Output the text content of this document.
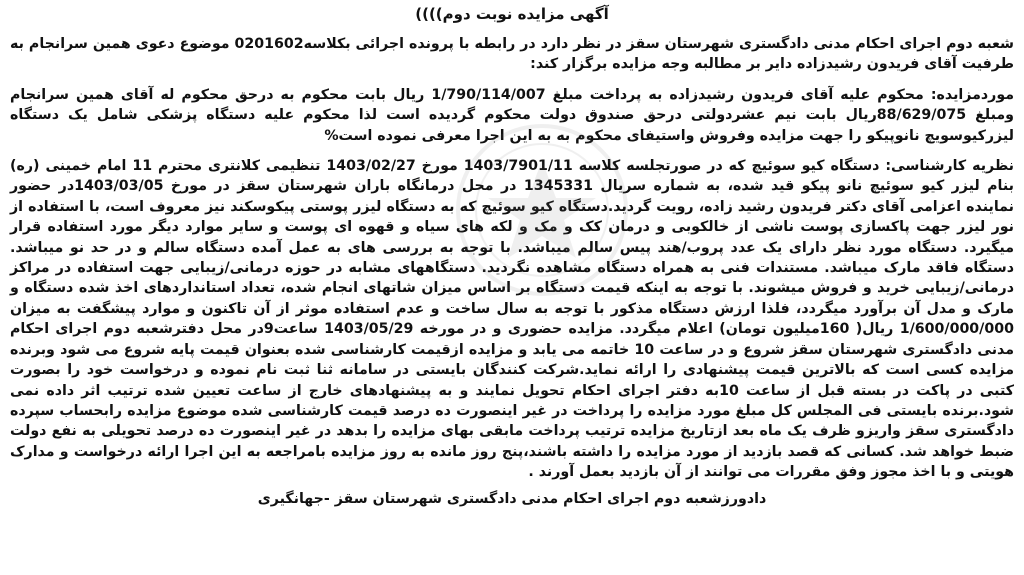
آگهی مزایده نوبت دوم))))

شعبه دوم اجرای احکام مدنی دادگستری شهرستان سقز در نظر دارد در رابطه با پرونده اجرائی بکلاسه0201602 موضوع دعوی همین سرانجام به طرفیت آقای فریدون رشیدزاده دایر بر مطالبه وجه مزایده برگزار کند:

موردمزایده: محکوم علیه آقای فریدون رشیدزاده به پرداخت مبلغ 1/790/114/007 ریال بابت محکوم به درحق محکوم له آقای همین سرانجام ومبلغ 88/629/075ریال بابت نیم عشردولتی درحق صندوق دولت محکوم گردیده است لذا محکوم علیه دستگاه پزشکی شامل یک دستگاه لیزرکیوسویچ نانوپیکو را جهت مزایده وفروش واستیفای محکوم به به این اجرا معرفی نموده است%

نظریه کارشناسی: دستگاه کیو سوئیچ که در صورتجلسه کلاسه 1403/7901/11 مورخ 1403/02/27 تنظیمی کلانتری محترم 11 امام خمینی (ره) بنام لیزر کیو سوئیچ نانو پیکو قید شده، به شماره سریال 1345331 در محل درمانگاه باران شهرستان سقز در مورخ 1403/03/05در حضور نماینده اعزامی آقای دکتر فریدون رشید زاده، رویت گردید.دستگاه کیو سوئیچ که به دستگاه لیزر پوستی پیکوسکند نیز معروف است، با استفاده از نور لیزر جهت پاکسازی پوست ناشی از خالکوبی و درمان کک و مک و لکه های سیاه و قهوه ای پوست و سایر موارد دیگر مورد استفاده قرار میگیرد. دستگاه مورد نظر دارای یک عدد پروب/هند پیس سالم میباشد. با توجه به بررسی های به عمل آمده دستگاه سالم و در حد نو میباشد. دستگاه فاقد مارک میباشد. مستندات فنی به همراه دستگاه مشاهده نگردید. دستگاههای مشابه در حوزه درمانی/زیبایی جهت استفاده در مراکز درمانی/زیبایی خرید و فروش میشوند. با توجه به اینکه قیمت دستگاه بر اساس میزان شاتهای انجام شده، تعداد استانداردهای اخذ شده دستگاه و مارک و مدل آن برآورد میگردد، فلذا ارزش دستگاه مذکور با توجه به سال ساخت و عدم استفاده موثر از آن تاکنون و موارد پیشگفت به میزان 1/600/000/000 ریال( 160میلیون تومان) اعلام میگردد. مزایده حضوری و در مورخه 1403/05/29 ساعت9در محل دفترشعبه دوم اجرای احکام مدنی دادگستری شهرستان سقز شروع و در ساعت 10 خاتمه می یابد و مزایده ازقیمت کارشناسی شده بعنوان قیمت پایه شروع می شود وبرنده مزایده کسی است که بالاترین قیمت پیشنهادی را ارائه نماید.شرکت کنندگان بایستی در سامانه ثنا ثبت نام نموده و درخواست خود را بصورت کتبی در پاکت در بسته قبل از ساعت 10به دفتر اجرای احکام تحویل نمایند و به پیشنهادهای خارج از ساعت تعیین شده ترتیب اثر داده نمی شود.برنده بایستی فی المجلس کل مبلغ مورد مزایده را پرداخت در غیر اینصورت ده درصد قیمت کارشناسی شده موضوع مزایده رابحساب سپرده دادگستری سقز واریزو ظرف یک ماه بعد ازتاریخ مزایده ترتیب پرداخت مابقی بهای مزایده را بدهد در غیر اینصورت ده درصد تحویلی به نفع دولت ضبط خواهد شد. کسانی که قصد بازدید از مورد مزایده را داشته باشند،پنج روز مانده به روز مزایده بامراجعه به این اجرا ارائه درخواست و مدارک هویتی و با اخذ مجوز وفق مقررات می توانند از آن بازدید بعمل آورند .

دادورزشعبه دوم اجرای احکام مدنی دادگستری شهرستان سقز -جهانگیری
